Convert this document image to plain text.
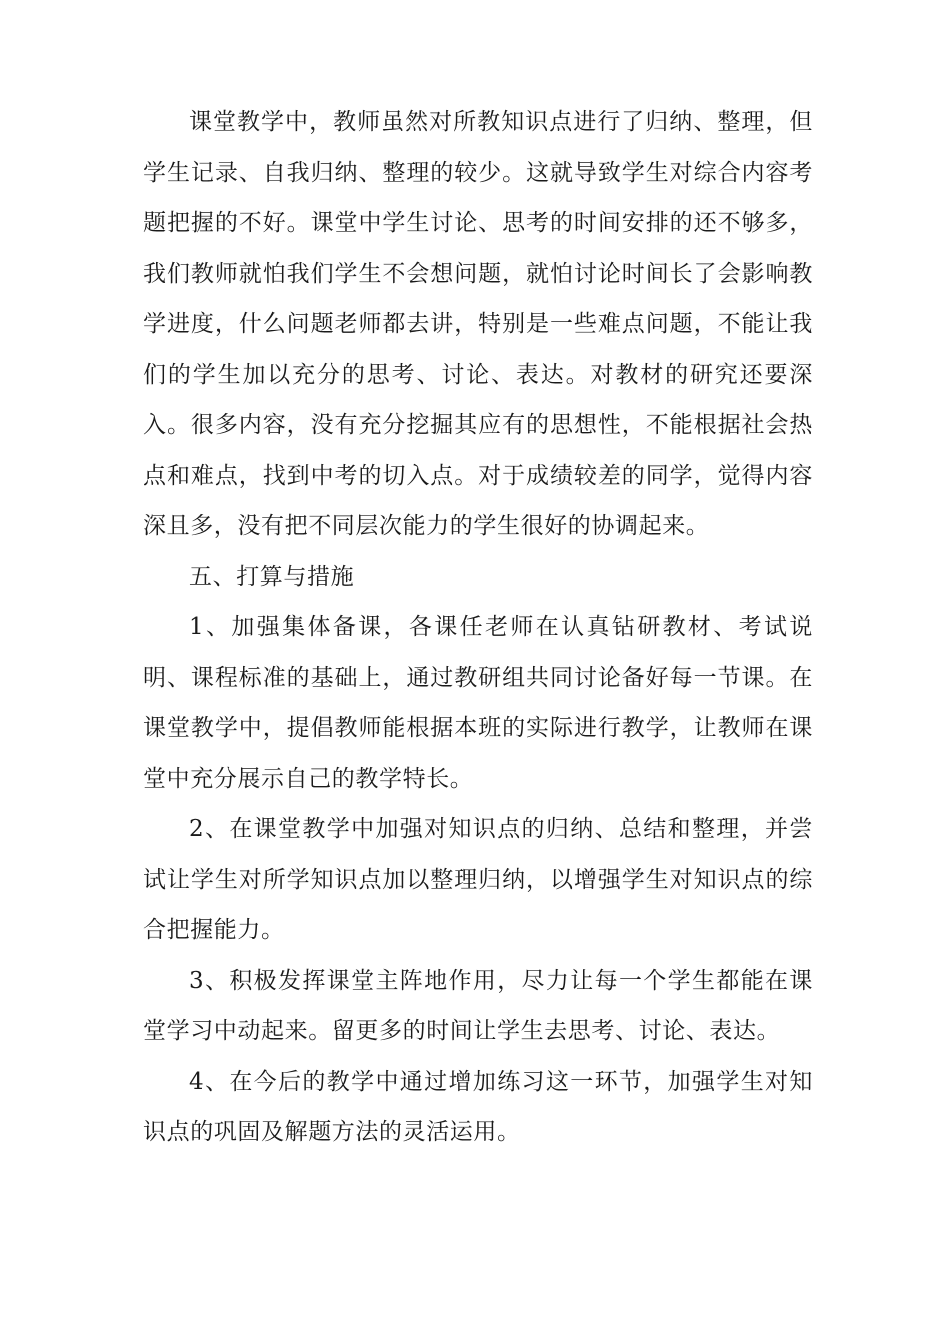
课堂教学中，教师虽然对所教知识点进行了归纳、整理，但学生记录、自我归纳、整理的较少。这就导致学生对综合内容考题把握的不好。课堂中学生讨论、思考的时间安排的还不够多，我们教师就怕我们学生不会想问题，就怕讨论时间长了会影响教学进度，什么问题老师都去讲，特别是一些难点问题，不能让我们的学生加以充分的思考、讨论、表达。对教材的研究还要深入。很多内容，没有充分挖掘其应有的思想性，不能根据社会热点和难点，找到中考的切入点。对于成绩较差的同学，觉得内容深且多，没有把不同层次能力的学生很好的协调起来。

五、打算与措施

1、加强集体备课，各课任老师在认真钻研教材、考试说明、课程标准的基础上，通过教研组共同讨论备好每一节课。在课堂教学中，提倡教师能根据本班的实际进行教学，让教师在课堂中充分展示自己的教学特长。

2、在课堂教学中加强对知识点的归纳、总结和整理，并尝试让学生对所学知识点加以整理归纳，以增强学生对知识点的综合把握能力。

3、积极发挥课堂主阵地作用，尽力让每一个学生都能在课堂学习中动起来。留更多的时间让学生去思考、讨论、表达。

4、在今后的教学中通过增加练习这一环节，加强学生对知识点的巩固及解题方法的灵活运用。
